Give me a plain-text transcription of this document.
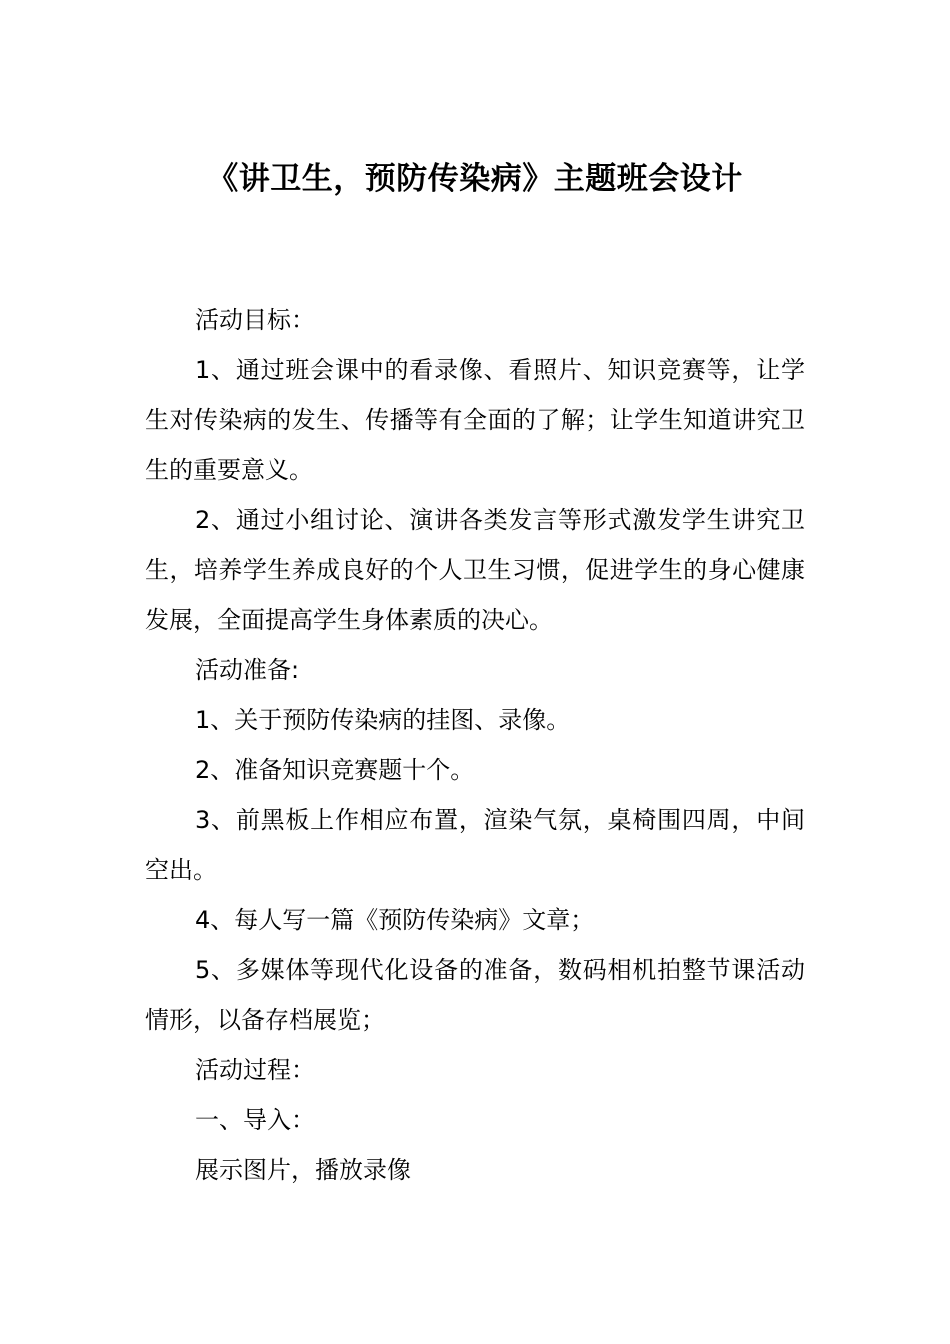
《讲卫生，预防传染病》主题班会设计

活动目标：

1、通过班会课中的看录像、看照片、知识竞赛等，让学生对传染病的发生、传播等有全面的了解；让学生知道讲究卫生的重要意义。

2、通过小组讨论、演讲各类发言等形式激发学生讲究卫生，培养学生养成良好的个人卫生习惯，促进学生的身心健康发展，全面提高学生身体素质的决心。

活动准备:

1、关于预防传染病的挂图、录像。

2、准备知识竞赛题十个。

3、前黑板上作相应布置，渲染气氛，桌椅围四周，中间空出。

4、每人写一篇《预防传染病》文章；

5、多媒体等现代化设备的准备，数码相机拍整节课活动情形，以备存档展览；

活动过程：

一、导入：

展示图片，播放录像
